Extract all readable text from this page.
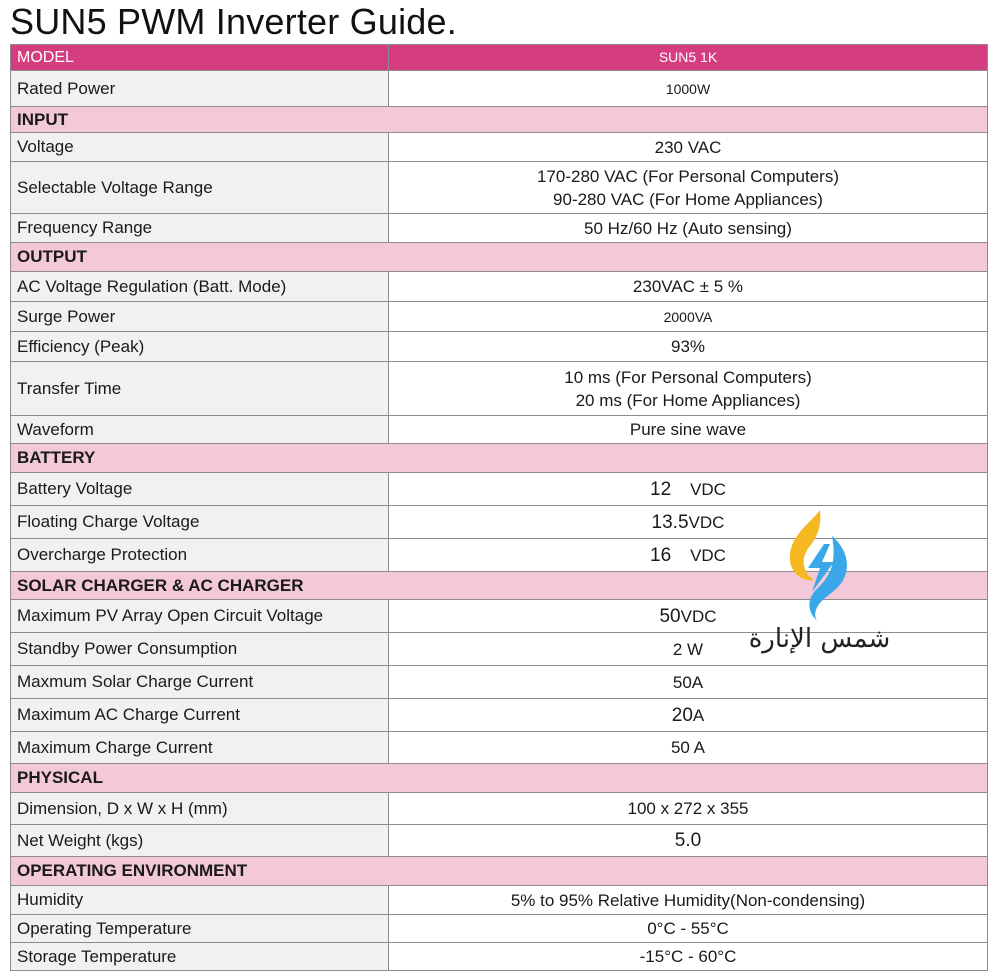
SUN5 PWM Inverter Guide.
MODEL	SUN5 1K
Rated Power	1000W
INPUT	
Voltage	230 VAC
Selectable Voltage Range	170-280 VAC (For Personal Computers)
90-280 VAC (For Home Appliances)

Frequency Range	50 Hz/60 Hz (Auto sensing)
OUTPUT	
AC Voltage Regulation (Batt. Mode)	230VAC ± 5 %
Surge Power	2000VA
Efficiency (Peak)	93%
Transfer Time	10 ms (For Personal Computers)
20 ms (For Home Appliances)

Waveform	Pure sine wave
BATTERY	
Battery Voltage	12 VDC
Floating Charge Voltage	13.5VDC
Overcharge Protection	16 VDC
SOLAR CHARGER & AC CHARGER	
Maximum PV Array Open Circuit Voltage	50VDC
Standby Power Consumption	2 W
Maxmum Solar Charge Current	50A
Maximum AC Charge Current	20A
Maximum Charge Current	50 A
PHYSICAL	
Dimension, D x W x H (mm)	100 x 272 x 355
Net Weight (kgs)	5.0
OPERATING ENVIRONMENT	
Humidity	5% to 95% Relative Humidity(Non-condensing)
Operating Temperature	0°C - 55°C
Storage Temperature	-15°C - 60°C
شمس الإنارة
